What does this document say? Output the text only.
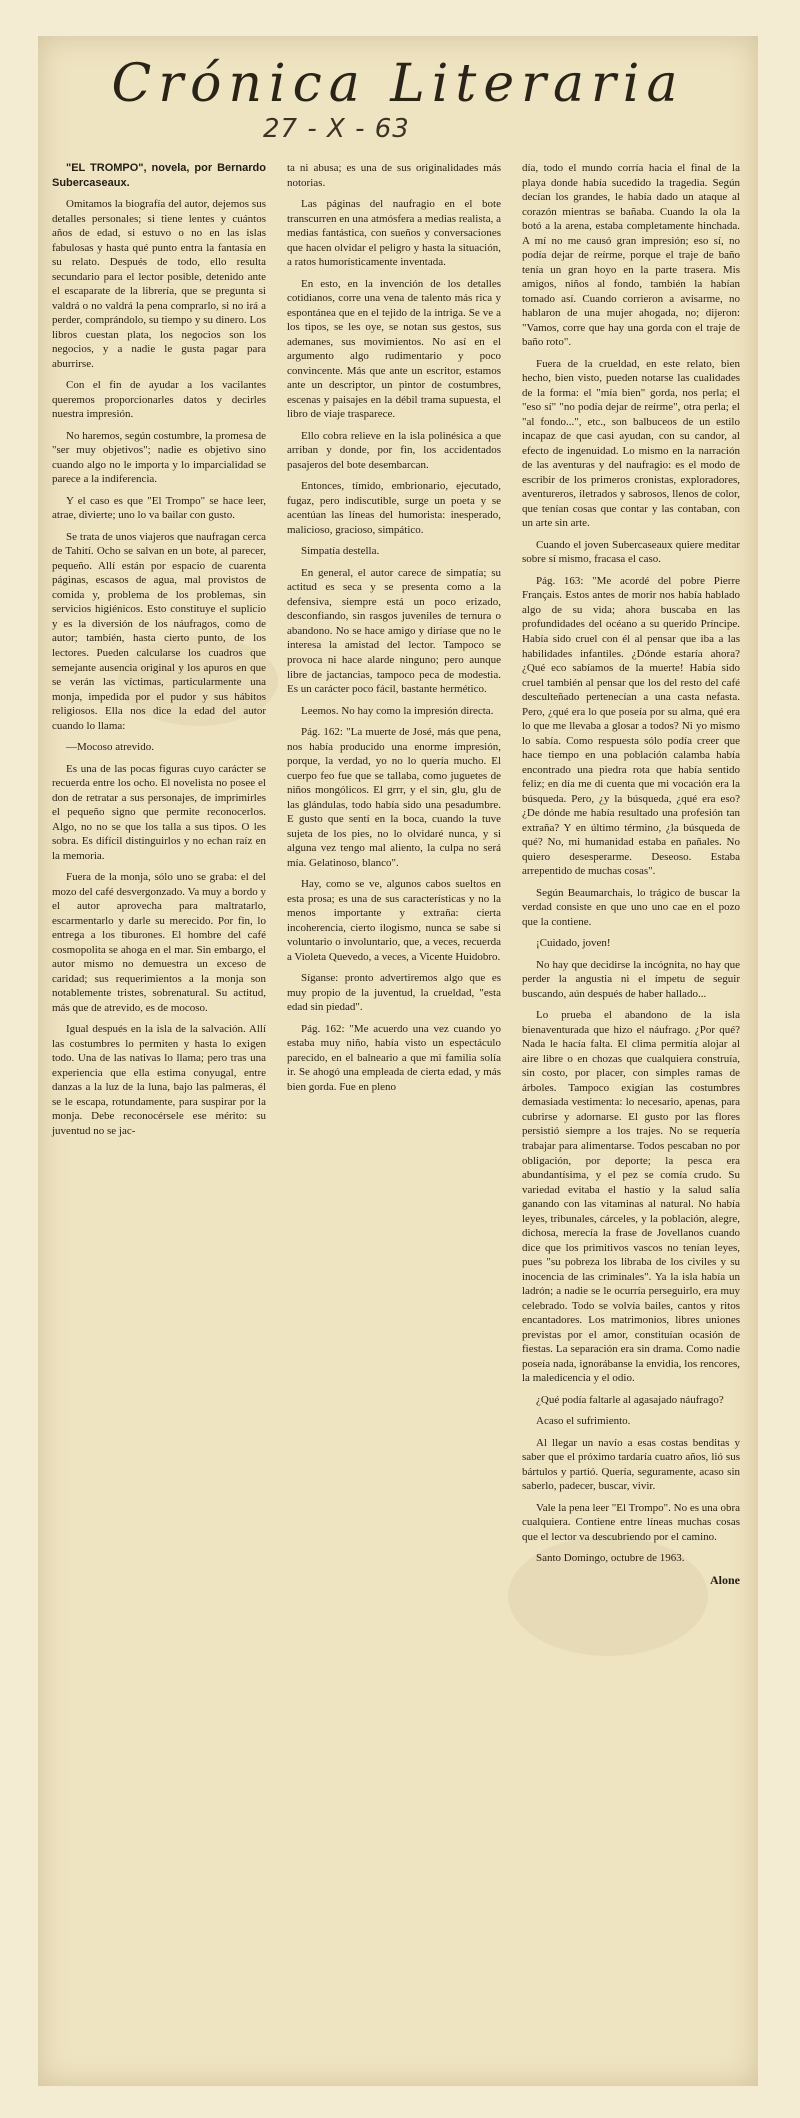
Crónica Literaria
27 - X - 63

"EL TROMPO", novela, por Bernardo Subercaseaux.

Omitamos la biografía del autor, dejemos sus detalles personales; si tiene lentes y cuántos años de edad, si estuvo o no en las islas fabulosas y hasta qué punto entra la fantasía en su relato. Después de todo, ello resulta secundario para el lector posible, detenido ante el escaparate de la librería, que se pregunta si valdrá o no valdrá la pena comprarlo, si no irá a perder, comprándolo, su tiempo y su dinero. Los libros cuestan plata, los negocios son los negocios, y a nadie le gusta pagar para aburrirse.

Con el fin de ayudar a los vacilantes queremos proporcionarles datos y decirles nuestra impresión.

No haremos, según costumbre, la promesa de "ser muy objetivos"; nadie es objetivo sino cuando algo no le importa y lo imparcialidad se parece a la indiferencia.

Y el caso es que "El Trompo" se hace leer, atrae, divierte; uno lo va bailar con gusto.

Se trata de unos viajeros que naufragan cerca de Tahití. Ocho se salvan en un bote, al parecer, pequeño. Allí están por espacio de cuarenta páginas, escasos de agua, mal provistos de comida y, problema de los problemas, sin servicios higiénicos. Esto constituye el suplicio y es la diversión de los náufragos, como de autor; también, hasta cierto punto, de los lectores. Pueden calcularse los cuadros que semejante ausencia original y los apuros en que se verán las víctimas, particularmente una monja, impedida por el pudor y sus hábitos religiosos. Ella nos dice la edad del autor cuando lo llama:

—Mocoso atrevido.

Es una de las pocas figuras cuyo carácter se recuerda entre los ocho. El novelista no posee el don de retratar a sus personajes, de imprimirles el pequeño signo que permite reconocerlos. Algo, no no se que los talla a sus tipos. O les sobra. Es difícil distinguirlos y no echan raíz en la memoria.

Fuera de la monja, sólo uno se graba: el del mozo del café desvergonzado. Va muy a bordo y el autor aprovecha para maltratarlo, escarmentarlo y darle su merecido. Por fin, lo entrega a los tiburones. El hombre del café cosmopolita se ahoga en el mar. Sin embargo, el autor mismo no demuestra un exceso de caridad; sus requerimientos a la monja son notablemente tristes, sobrenatural. Su actitud, más que de atrevido, es de mocoso.

Igual después en la isla de la salvación. Allí las costumbres lo permiten y hasta lo exigen todo. Una de las nativas lo llama; pero tras una experiencia que ella estima conyugal, entre danzas a la luz de la luna, bajo las palmeras, él se le escapa, rotundamente, para suspirar por la monja. Debe reconocérsele ese mérito: su juventud no se jac-

ta ni abusa; es una de sus originalidades más notorias.

Las páginas del naufragio en el bote transcurren en una atmósfera a medias realista, a medias fantástica, con sueños y conversaciones que hacen olvidar el peligro y hasta la situación, a ratos humorísticamente inventada.

En esto, en la invención de los detalles cotidianos, corre una vena de talento más rica y espontánea que en el tejido de la intriga. Se ve a los tipos, se les oye, se notan sus gestos, sus ademanes, sus movimientos. No así en el argumento algo rudimentario y poco convincente. Más que ante un escritor, estamos ante un descriptor, un pintor de costumbres, escenas y paisajes en la débil trama supuesta, el libro de viaje trasparece.

Ello cobra relieve en la isla polinésica a que arriban y donde, por fin, los accidentados pasajeros del bote desembarcan.

Entonces, tímido, embrionario, ejecutado, fugaz, pero indiscutible, surge un poeta y se acentúan las líneas del humorista: inesperado, malicioso, gracioso, simpático.

Simpatía destella.

En general, el autor carece de simpatía; su actitud es seca y se presenta como a la defensiva, siempre está un poco erizado, desconfiando, sin rasgos juveniles de ternura o abandono. No se hace amigo y diríase que no le interesa la amistad del lector. Tampoco se provoca ni hace alarde ninguno; pero aunque libre de jactancias, tampoco peca de modestia. Es un carácter poco fácil, bastante hermético.

Leemos. No hay como la impresión directa.

Pág. 162: "La muerte de José, más que pena, nos había producido una enorme impresión, porque, la verdad, yo no lo quería mucho. El cuerpo feo fue que se tallaba, como juguetes de niños mongólicos. El grrr, y el sin, glu, glu de las glándulas, todo había sido una pesadumbre. E gusto que sentí en la boca, cuando la tuve sujeta de los pies, no lo olvidaré nunca, y si alguna vez tengo mal aliento, la culpa no será mía. Gelatinoso, blanco".

Hay, como se ve, algunos cabos sueltos en esta prosa; es una de sus características y no la menos importante y extraña: cierta incoherencia, cierto ilogismo, nunca se sabe si voluntario o involuntario, que, a veces, recuerda a Violeta Quevedo, a veces, a Vicente Huidobro.

Síganse: pronto advertiremos algo que es muy propio de la juventud, la crueldad, "esta edad sin piedad".

Pág. 162: "Me acuerdo una vez cuando yo estaba muy niño, había visto un espectáculo parecido, en el balneario a que mi familia solía ir. Se ahogó una empleada de cierta edad, y más bien gorda. Fue en pleno

día, todo el mundo corría hacia el final de la playa donde había sucedido la tragedia. Según decían los grandes, le había dado un ataque al corazón mientras se bañaba. Cuando la ola la botó a la arena, estaba completamente hinchada. A mí no me causó gran impresión; eso sí, no podía dejar de reírme, porque el traje de baño tenía un gran hoyo en la parte trasera. Mis amigos, niños al fondo, también la habían tomado así. Cuando corrieron a avisarme, no hablaron de una mujer ahogada, no; dijeron: "Vamos, corre que hay una gorda con el traje de baño roto".

Fuera de la crueldad, en este relato, bien hecho, bien visto, pueden notarse las cualidades de la forma: el "mía bien" gorda, nos perla; el "eso sí" "no podía dejar de reírme", otra perla; el "al fondo...", etc., son balbuceos de un estilo incapaz de que casi ayudan, con su candor, al efecto de ingenuidad. Lo mismo en la narración de las aventuras y del naufragio: es el modo de escribir de los primeros cronistas, exploradores, aventureros, iletrados y sabrosos, llenos de color, que tenían cosas que contar y las contaban, con un arte sin arte.

Cuando el joven Subercaseaux quiere meditar sobre sí mismo, fracasa el caso.

Pág. 163: "Me acordé del pobre Pierre Français. Estos antes de morir nos había hablado algo de su vida; ahora buscaba en las profundidades del océano a su querido Príncipe. Había sido cruel con él al pensar que iba a las habilidades infantiles. ¿Dónde estaría ahora? ¿Qué eco sabíamos de la muerte! Había sido cruel también al pensar que los del resto del café desculteñado pertenecían a una casta nefasta. Pero, ¿qué era lo que poseía por su alma, qué era lo que me llevaba a glosar a todos? Ni yo mismo lo sabía. Como respuesta sólo podía creer que hace tiempo en una población calamba había encontrado una piedra rota que había sentido feliz; en día me di cuenta que mi vocación era la búsqueda. Pero, ¿y la búsqueda, ¿qué era eso? ¿De dónde me había resultado una profesión tan extraña? Y en último término, ¿la búsqueda de qué? No, mi humanidad estaba en pañales. No quiero desesperarme. Deseoso. Estaba arrepentido de muchas cosas".

Según Beaumarchais, lo trágico de buscar la verdad consiste en que uno uno cae en el pozo que la contiene.

¡Cuidado, joven!

No hay que decidirse la incógnita, no hay que perder la angustia ni el ímpetu de seguir buscando, aún después de haber hallado...

Lo prueba el abandono de la isla bienaventurada que hizo el náufrago. ¿Por qué? Nada le hacía falta. El clima permitía alojar al aire libre o en chozas que cualquiera construía, sin costo, por placer, con simples ramas de árboles. Tampoco exigían las costumbres demasiada vestimenta: lo necesario, apenas, para cubrirse y adornarse. El gusto por las flores persistió siempre a los trajes. No se requería trabajar para alimentarse. Todos pescaban no por obligación, por deporte; la pesca era abundantísima, y el pez se comía crudo. Su variedad evitaba el hastío y la salud salía ganando con las vitaminas al natural. No había leyes, tribunales, cárceles, y la población, alegre, dichosa, merecía la frase de Jovellanos cuando dice que los primitivos vascos no tenían leyes, pues "su pobreza los libraba de los civiles y su inocencia de las criminales". Ya la isla había un ladrón; a nadie se le ocurría perseguirlo, era muy celebrado. Todo se volvía bailes, cantos y ritos encantadores. Los matrimonios, libres uniones previstas por el amor, constituían ocasión de fiestas. La separación era sin drama. Como nadie poseía nada, ignorábanse la envidia, los rencores, la maledicencia y el odio.

¿Qué podía faltarle al agasajado náufrago?

Acaso el sufrimiento.

Al llegar un navío a esas costas benditas y saber que el próximo tardaría cuatro años, lió sus bártulos y partió. Quería, seguramente, acaso sin saberlo, padecer, buscar, vivir.

Vale la pena leer "El Trompo". No es una obra cualquiera. Contiene entre líneas muchas cosas que el lector va descubriendo por el camino.

Santo Domingo, octubre de 1963.

Alone
